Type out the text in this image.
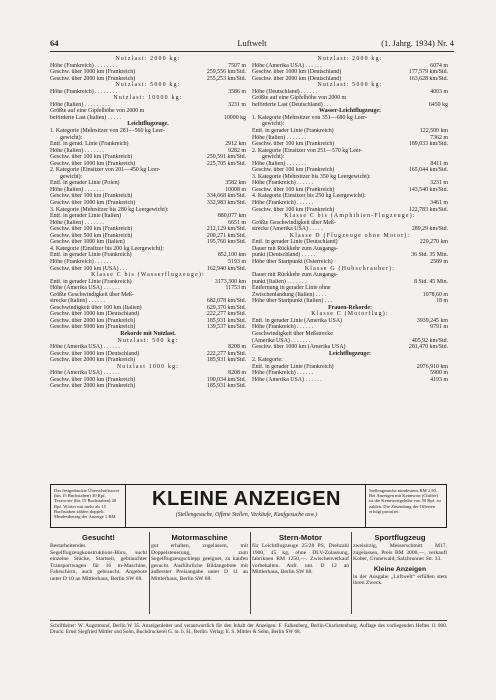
64	Luftwelt	(1. Jahrg. 1934) Nr. 4
Nutzlast: 2000 kg:
Höhe (Frankreich) . . . . . . . .	7507 m
Geschw. über 1000 km (Frankreich)	259,556 km/Std.
Geschw. über 2000 km (Frankreich)	255,253 km/Std.
Nutzlast: 5000 kg:
Höhe (Frankreich) . . . . . . . .	3586 m
Nutzlast: 10000 kg:
Höhe (Italien) . . . . . . . . .	3231 m
Größte auf eine Gipfelhöhe von 2000 m
beförderte Last (Italien) . . . . .	10000 kg
Leichtflugzeuge.
1. Kategorie (Mehrsitzer von 281—560 kg Leer-
gewicht):
Entf. in gerad. Linie (Frankreich)	2912 km
Höhe (Italien) . . . . . . .	9282 m
Geschw. über 100 km (Frankreich)	250,591 km/Std.
Geschw. über 1000 km (Frankreich)	225,705 km/Std.
2. Kategorie (Einsitzer von 201—450 kg Leer-
gewicht):
Entf. in gerader Linie (Polen)	3582 km
Höhe (Italien) . . . . . . .	10008 m
Geschw. über 100 km (Frankreich)	334,668 km/Std.
Geschw. über 1000 km (Frankreich)	332,983 km/Std.
3. Kategorie (Mehrsitzer bis 280 kg Leergewicht):
Entf. in gerader Linie (Italien)	880,077 km
Höhe (Italien) . . . . . . .	6651 m
Geschw. über 100 km (Frankreich)	212,129 km/Std.
Geschw. über 500 km (Frankreich)	200,271 km/Std.
Geschw. über 1000 km (Italien)	195,760 km/Std.
4. Kategorie (Einsitzer bis 200 kg Leergewicht):
Entf. in gerader Linie (Frankreich)	852,100 km
Höhe (Frankreich) . . . . . .	5193 m
Geschw. über 100 km (USA) . . .	162,940 km/Std.
Klasse C bis (Wasserflugzeuge):
Entf. in gerader Linie (Frankreich)	3173,300 km
Höhe (Amerika USA) . . . . . .	11753 m
Größte Geschwindigkeit über Meß-
strecke (Italien) . . . . . .	682,078 km/Std.
Geschwindigkeit über 100 km (Italien)	629,370 km/Std.
Geschw. über 1000 km (Deutschland)	222,277 km/Std.
Geschw. über 2000 km (Frankreich)	185,931 km/Std.
Geschw. über 5000 km (Frankreich)	139,537 km/Std.
Rekorde mit Nutzlast.
Nutzlast: 500 kg:
Höhe (Amerika USA) . . . . . .	8208 m
Geschw. über 1000 km (Deutschland)	222,277 km/Std.
Geschw. über 2000 km (Frankreich)	185,931 km/Std.
Nutzlast 1000 kg:
Höhe (Amerika USA) . . . . . .	8208 m
Geschw. über 1000 km (Frankreich)	190,034 km/Std.
Geschw. über 2000 km (Frankreich)	185,931 km/Std.
Nutzlast: 2000 kg:
Höhe (Amerika USA) . . . . . .	6074 m
Geschw. über 1000 km (Deutschland)	177,579 km/Std.
Geschw. über 2000 km (Deutschland)	163,628 km/Std.
Nutzlast: 5000 kg:
Höhe (Deutschland) . . . . . .	4003 m
Größte auf eine Gipfelhöhe von 2000 m
beförderte Last (Deutschland) . . .	6450 kg
Wasser-Leichtflugzeuge:
1. Kategorie (Mehrsitzer von 351—680 kg Leer-
gewicht):
Entf. in gerader Linie (Frankreich)	122,500 km
Höhe (Italien) . . . . . . .	7362 m
Geschw. über 100 km (Frankreich)	189,033 km/Std.
2. Kategorie (Einsitzer von 251—570 kg Leer-
gewicht):
Höhe (Italien) . . . . . . .	8411 m
Geschw. über 100 km (Frankreich)	165,044 km/Std.
3. Kategorie (Mehrsitzer bis 350 kg Leergewicht):
Höhe (Frankreich) . . . . . .	3231 m
Geschw. über 100 km (Frankreich)	143,540 km/Std.
4. Kategorie (Einsitzer bis 250 kg Leergewicht):
Höhe (Frankreich) . . . . . .	3461 m
Geschw. über 100 km (Frankreich)	122,783 km/Std.
Klasse C bis (Amphibien-Flugzeuge):
Größte Geschwindigkeit über Meß-
strecke (Amerika USA) . . . . .	289,29 km/Std.
Klasse D (Flugzeuge ohne Motor):
Entf. in gerader Linie (Deutschland)	220,270 km
Dauer mit Rückkehr zum Ausgangs-
punkt (Deutschland) . . . . .	36 Std. 35 Min.
Höhe über Startpunkt (Österreich)	2589 m
Klasse G (Hubschrauber):
Dauer mit Rückkehr zum Ausgangs-
punkt (Italien) . . . . . . .	8 Std. 45 Min.
Entfernung in gerader Linie ohne
Zwischenlandung (Italien) . . . .	1078,60 m
Höhe über Startpunkt (Italien) . . .	18 m
Frauen-Rekorde:
Klasse C (Motorflug):
Entf. in gerader Linie (Amerika USA)	3939,245 km
Höhe (Frankreich) . . . . . .	9791 m
Geschwindigkeit über Meßstrecke
(Amerika USA) . . . . . . .	405,92 km/Std.
Geschw. über 1000 km (Amerika USA)	281,470 km/Std.
Leichtflugzeuge:
2. Kategorie:
Entf. in gerader Linie (Frankreich)	2976,910 km
Höhe (Frankreich) . . . . . .	5900 m
Höhe (Amerika USA) . . . . . .	4193 m
Das festgedruckte Überschriftswort (bis 15 Buchstaben) 30 Rpf. Textworte (bis 15 Buchstaben) 20 Rpf. Wörter mit mehr als 15 Buchstaben zählen doppelt. Mindestbetrag der Anzeige 1 RM.
KLEINE ANZEIGEN
(Stellengesuche, Offene Stellen, Verkäufe, Kaufgesuche usw.)
Stellengesuche mindestens RM 2,50. Bei Anzeigen mit Kennwort (Chiffre) ist die Kennwortgebühr von 50 Rpf. zu zahlen. Die Zusendung der Offerten erfolgt portofrei.
Gesucht!
Bestarbeitendes Segelflugzeugkonstruktions-Büro, sucht einzelne Stücke, Startseil, gebrauchter Transportwagen für 16 m-Maschine, Fahrschirm, auch gebraucht. Angebote unter D 10 an Mittlerhaus, Berlin SW 68.
Motormaschine
gut erhalten, zugelassen, mit Doppelsteuerung, zum Segelflugzeugschlepp geeignet, zu kaufen gesucht. Ausführliche Bildangebote mit äußerster Preisangabe unter D 11 an Mittlerhaus, Berlin SW 68.
Stern-Motor
für Leichtflugzeuge 25/28 PS, Drehzahl 1900, 45 kg, ohne DLV-Zulassung, fabrikneu RM 1250,—. Zwischenverkauf vorbehalten. Anfr. unt. D 12 an Mittlerhaus, Berlin SW 68.
Sportflugzeug
zweisitzig, Messerschmitt M17, zugelassen, Preis RM 3000,—, verkauft Kober, Grunewald, Salzbrunner Str. 33.
Kleine Anzeigen
in der Ausgabe „Luftwelt“ erfüllen stets ihren Zweck.
Schriftleiter: W. Augstmond, Berlin W 35. Anzeigenleiter und verantwortlich für den Inhalt der Anzeigen: F. Falkenberg, Berlin-Charlottenburg. Auflage des vorliegenden Heftes 11 000. Druck: Ernst Siegfried Mittler und Sohn, Buchdruckerei G. m. b. H., Berlin. Verlag: E. S. Mittler & Sohn, Berlin SW 68.
